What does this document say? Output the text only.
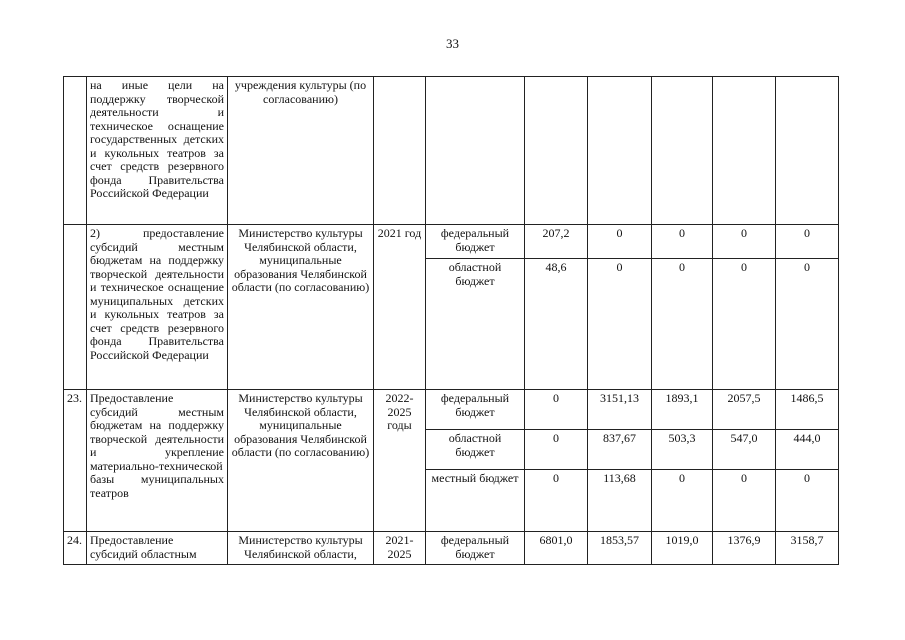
33
	на иные цели на поддержку творческой деятельности и техническое оснащение государственных детских и кукольных театров за счет средств резервного фонда Правительства Российской Федерации	учреждения культуры (по согласованию)							
	2) предоставление субсидий местным бюджетам на поддержку творческой деятельности и техническое оснащение муниципальных детских и кукольных театров за счет средств резервного фонда Правительства Российской Федерации	Министерство культуры Челябинской области, муниципальные образования Челябинской области (по согласованию)	2021 год	федеральный бюджет	207,2	0	0	0	0
				областной бюджет	48,6	0	0	0	0
23.	Предоставление субсидий местным бюджетам на поддержку творческой деятельности и укрепление материально-технической базы муниципальных театров	Министерство культуры Челябинской области, муниципальные образования Челябинской области (по согласованию)	2022-2025 годы	федеральный бюджет	0	3151,13	1893,1	2057,5	1486,5
				областной бюджет	0	837,67	503,3	547,0	444,0
				местный бюджет	0	113,68	0	0	0
24.	Предоставление субсидий областным	Министерство культуры Челябинской области,	2021-2025	федеральный бюджет	6801,0	1853,57	1019,0	1376,9	3158,7
